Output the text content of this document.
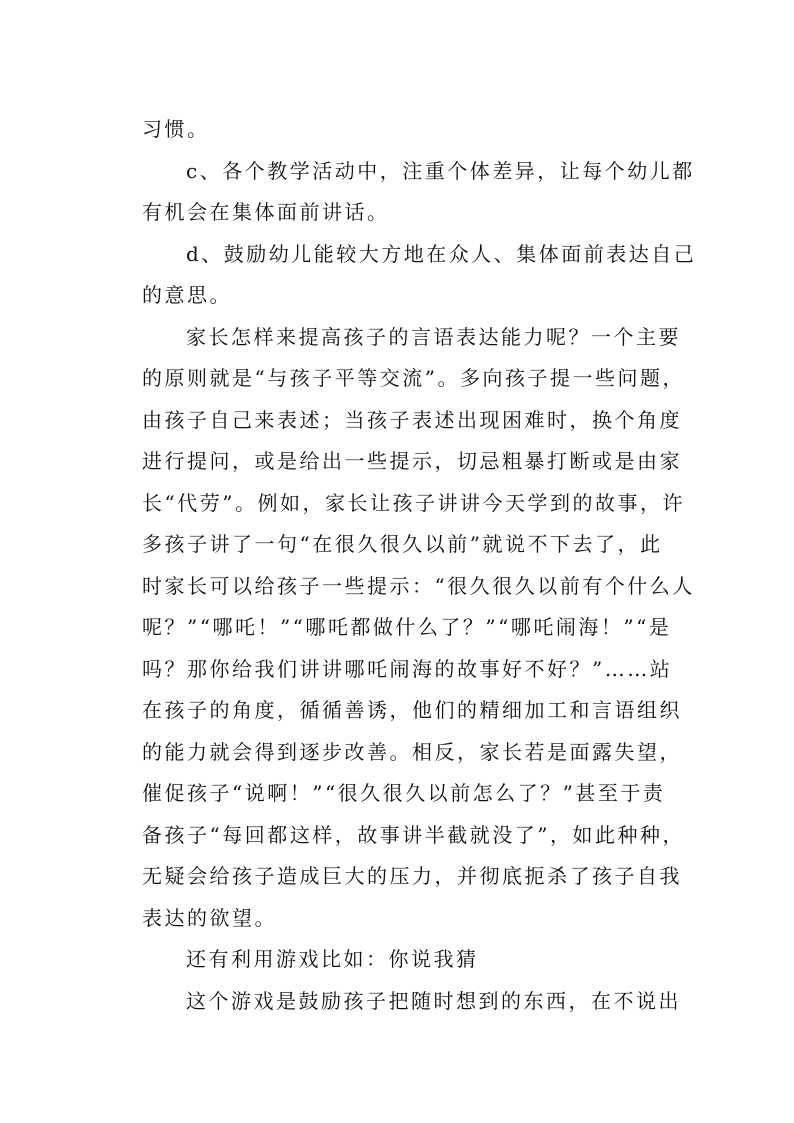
习惯。

c、各个教学活动中，注重个体差异，让每个幼儿都

有机会在集体面前讲话。

d、鼓励幼儿能较大方地在众人、集体面前表达自己

的意思。

家长怎样来提高孩子的言语表达能力呢？一个主要

的原则就是“与孩子平等交流”。多向孩子提一些问题，

由孩子自己来表述；当孩子表述出现困难时，换个角度

进行提问，或是给出一些提示，切忌粗暴打断或是由家

长“代劳”。例如，家长让孩子讲讲今天学到的故事，许

多孩子讲了一句“在很久很久以前”就说不下去了，此

时家长可以给孩子一些提示：“很久很久以前有个什么人

呢？”“哪吒！”“哪吒都做什么了？”“哪吒闹海！”“是

吗？那你给我们讲讲哪吒闹海的故事好不好？”……站

在孩子的角度，循循善诱，他们的精细加工和言语组织

的能力就会得到逐步改善。相反，家长若是面露失望，

催促孩子“说啊！”“很久很久以前怎么了？”甚至于责

备孩子“每回都这样，故事讲半截就没了”，如此种种，

无疑会给孩子造成巨大的压力，并彻底扼杀了孩子自我

表达的欲望。

还有利用游戏比如：你说我猜

这个游戏是鼓励孩子把随时想到的东西，在不说出
